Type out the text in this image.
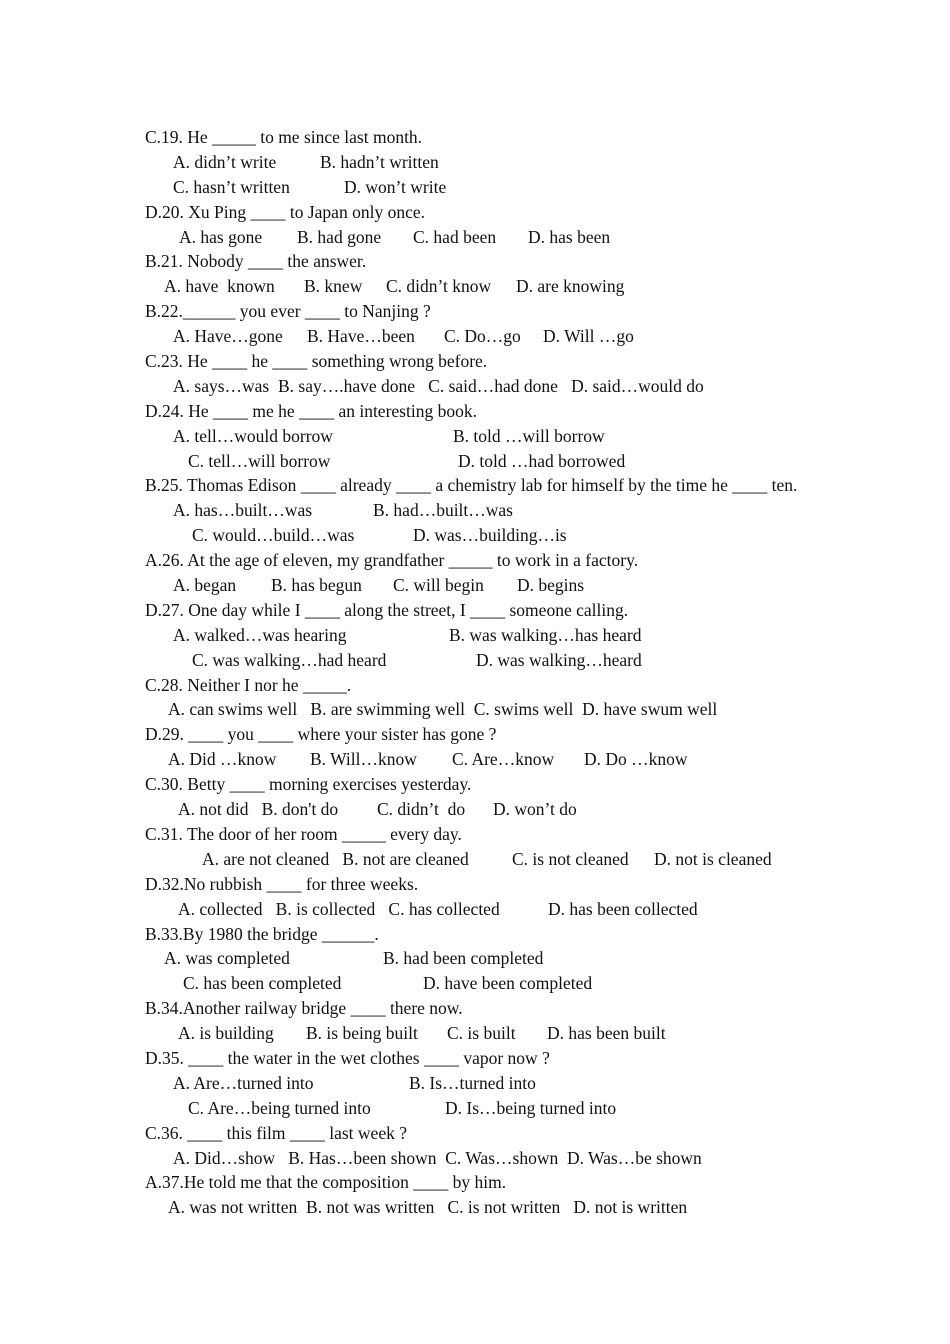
C.19. He _____ to me since last month.
A. didn’t write	B. hadn’t written
C. hasn’t written	D. won’t write
D.20. Xu Ping ____ to Japan only once.
A. has gone B. had gone C. had been D. has been
B.21. Nobody ____ the answer.
A. have  known B. knew C. didn’t know D. are knowing
B.22.______ you ever ____ to Nanjing ?
A. Have…gone B. Have…been C. Do…go D. Will …go
C.23. He ____ he ____ something wrong before.
A. says…was  B. say….have done   C. said…had done   D. said…would do
D.24. He ____ me he ____ an interesting book.
A. tell…would borrow	B. told …will borrow
C. tell…will borrow	D. told …had borrowed
B.25. Thomas Edison ____ already ____ a chemistry lab for himself by the time he ____ ten.
A. has…built…was	B. had…built…was
C. would…build…was	D. was…building…is
A.26. At the age of eleven, my grandfather _____ to work in a factory.
A. began B. has begun C. will begin D. begins
D.27. One day while I ____ along the street, I ____ someone calling.
A. walked…was hearing	B. was walking…has heard
C. was walking…had heard	D. was walking…heard
C.28. Neither I nor he _____.
A. can swims well   B. are swimming well  C. swims well  D. have swum well
D.29. ____ you ____ where your sister has gone ?
A. Did …know B. Will…know C. Are…know D. Do …know
C.30. Betty ____ morning exercises yesterday.
A. not did   B. don't do C. didn’t  do D. won’t do
C.31. The door of her room _____ every day.
A. are not cleaned   B. not are cleaned C. is not cleaned D. not is cleaned
D.32.No rubbish ____ for three weeks.
A. collected   B. is collected   C. has collected	D. has been collected
B.33.By 1980 the bridge ______.
A. was completed	B. had been completed
C. has been completed	D. have been completed
B.34.Another railway bridge ____ there now.
A. is building B. is being built C. is built D. has been built
D.35. ____ the water in the wet clothes ____ vapor now ?
A. Are…turned into	B. Is…turned into
C. Are…being turned into	D. Is…being turned into
C.36. ____ this film ____ last week ?
A. Did…show   B. Has…been shown  C. Was…shown  D. Was…be shown
A.37.He told me that the composition ____ by him.
A. was not written  B. not was written   C. is not written   D. not is written
